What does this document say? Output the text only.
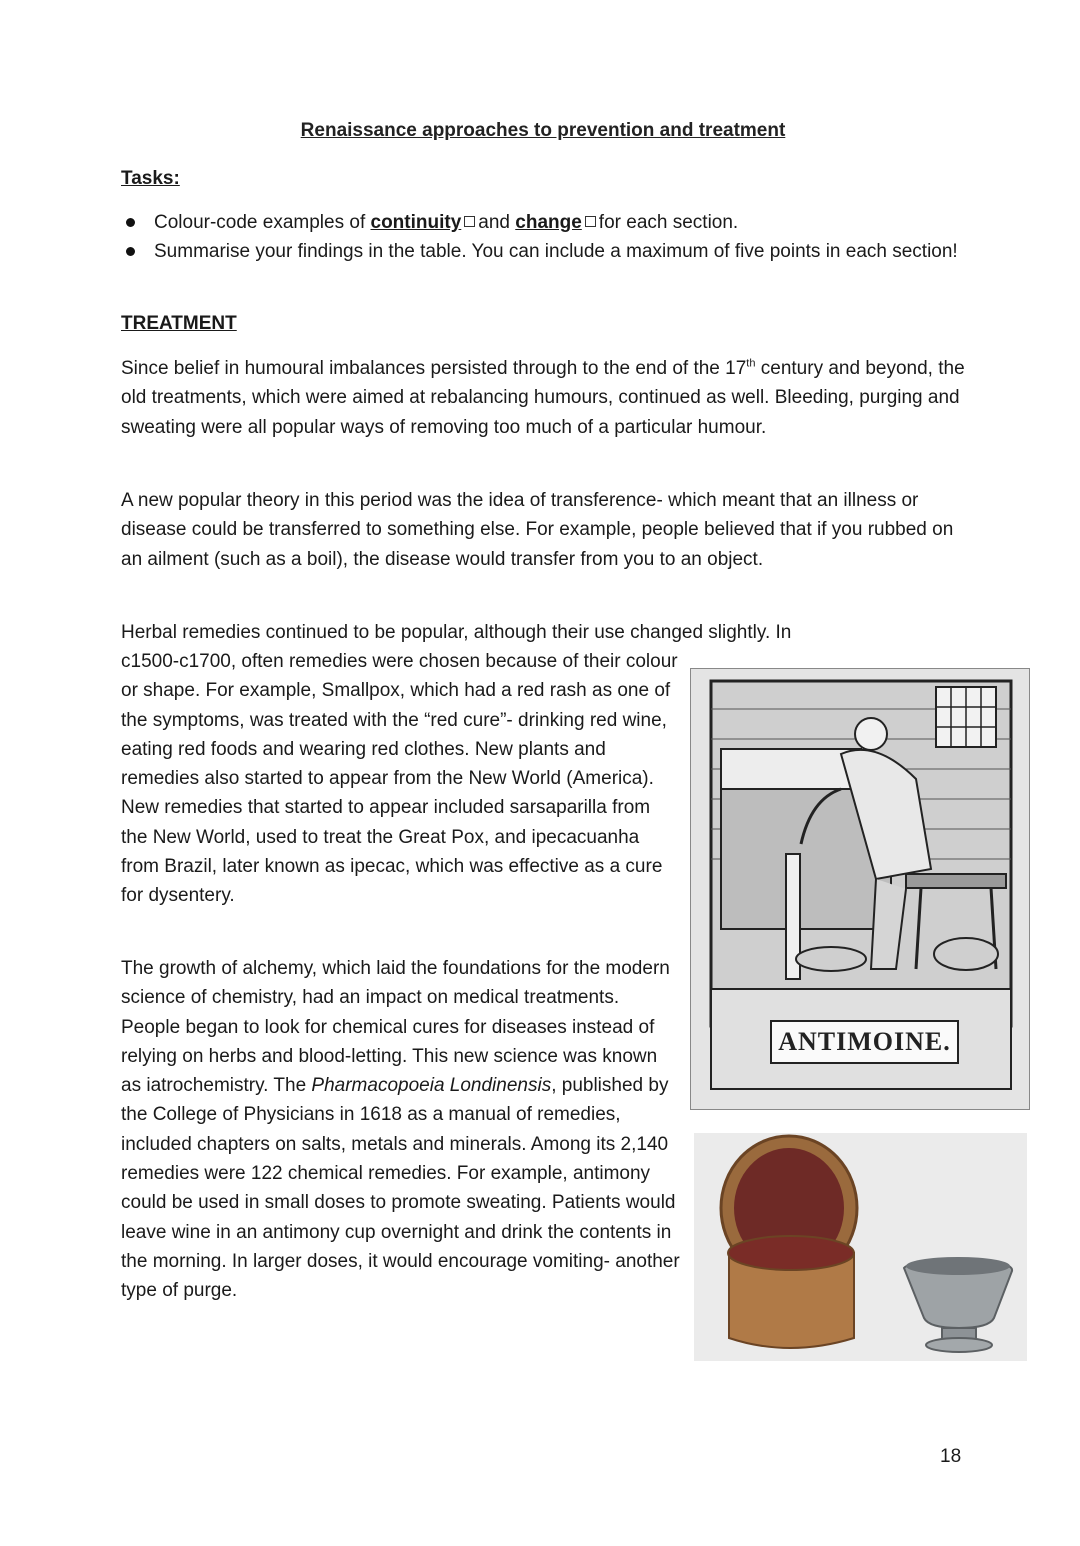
Renaissance approaches to prevention and treatment
Tasks:
Colour-code examples of continuity and change for each section.
Summarise your findings in the table. You can include a maximum of five points in each section!
TREATMENT

Since belief in humoural imbalances persisted through to the end of the 17th century and beyond, the old treatments, which were aimed at rebalancing humours, continued as well. Bleeding, purging and sweating were all popular ways of removing too much of a particular humour.

A new popular theory in this period was the idea of transference- which meant that an illness or disease could be transferred to something else. For example, people believed that if you rubbed on an ailment (such as a boil), the disease would transfer from you to an object.

Herbal remedies continued to be popular, although their use changed slightly. In

c1500-c1700, often remedies were chosen because of their colour or shape. For example, Smallpox, which had a red rash as one of the symptoms, was treated with the “red cure”- drinking red wine, eating red foods and wearing red clothes. New plants and remedies also started to appear from the New World (America). New remedies that started to appear included sarsaparilla from the New World, used to treat the Great Pox, and ipecacuanha from Brazil, later known as ipecac, which was effective as a cure for dysentery.

The growth of alchemy, which laid the foundations for the modern science of chemistry, had an impact on medical treatments. People began to look for chemical cures for diseases instead of relying on herbs and blood-letting. This new science was known as iatrochemistry. The Pharmacopoeia Londinensis, published by the College of Physicians in 1618 as a manual of remedies, included chapters on salts, metals and minerals. Among its 2,140 remedies were 122 chemical remedies. For example, antimony could be used in small doses to promote sweating. Patients would leave wine in an antimony cup overnight and drink the contents in the morning. In larger doses, it would encourage vomiting- another type of purge.

ANTIMOINE.
18
